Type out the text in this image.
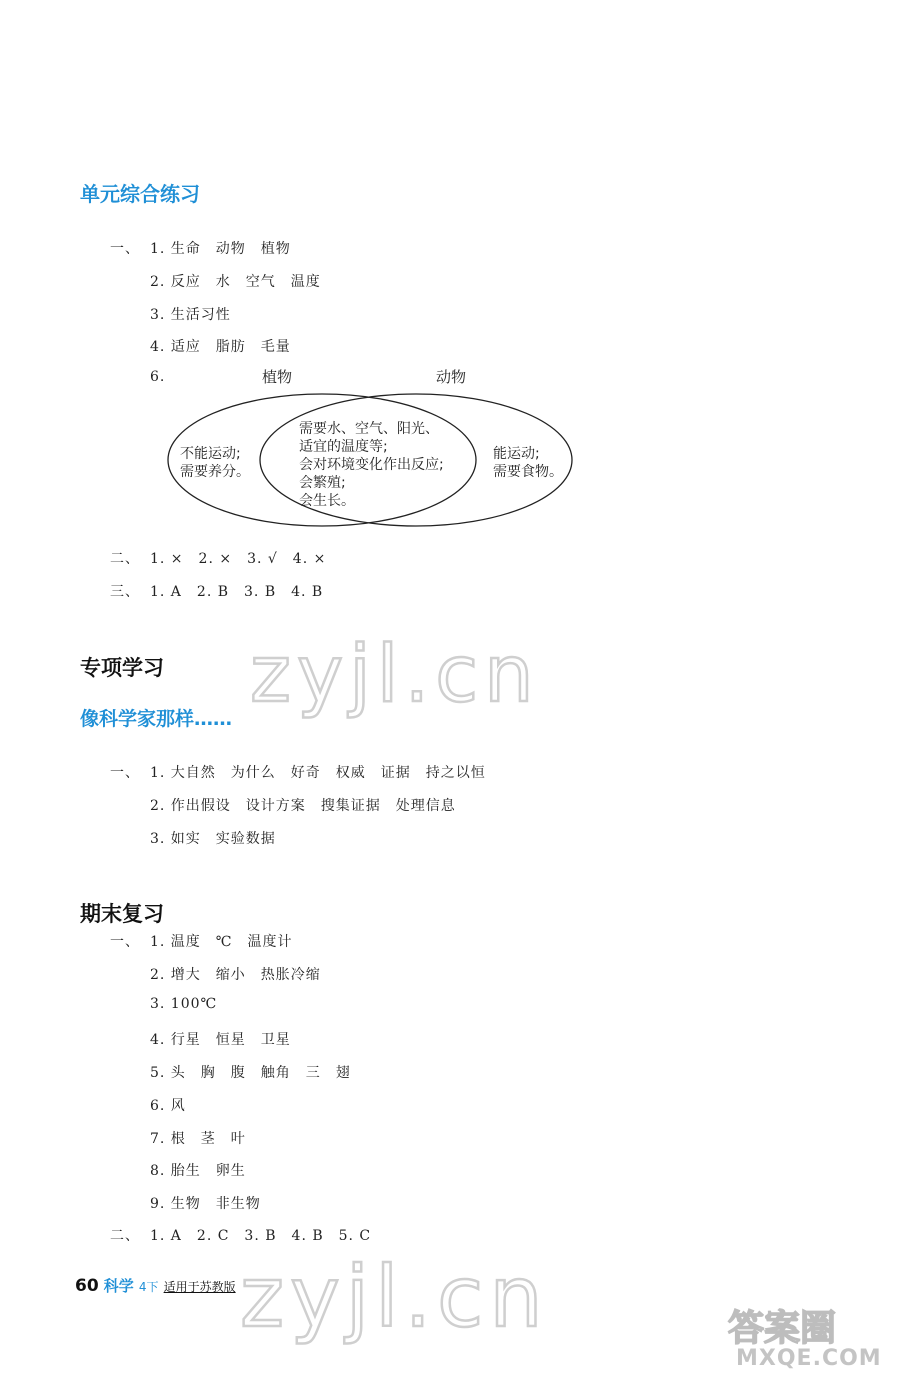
单元综合练习
一、 1. 生命　动物　植物
2. 反应　水　空气　温度
3. 生活习性
4. 适应　脂肪　毛量
6.	植物	动物
不能运动;
需要养分。
需要水、空气、阳光、
适宜的温度等;
会对环境变化作出反应;
会繁殖;
会生长。
能运动;
需要食物。
二、 1. ×　2. ×　3. √　4. ×
三、 1. A　2. B　3. B　4. B
zyjl.cn
专项学习
像科学家那样……
一、 1. 大自然　为什么　好奇　权威　证据　持之以恒
2. 作出假设　设计方案　搜集证据　处理信息
3. 如实　实验数据
期末复习
一、 1. 温度　℃　温度计
2. 增大　缩小　热胀冷缩
3. 100℃
4. 行星　恒星　卫星
5. 头　胸　腹　触角　三　翅
6. 风
7. 根　茎　叶
8. 胎生　卵生
9. 生物　非生物
二、 1. A　2. C　3. B　4. B　5. C
60 科学 4下 适用于苏教版 zyjl.cn	答案圈
MXQE.COM
